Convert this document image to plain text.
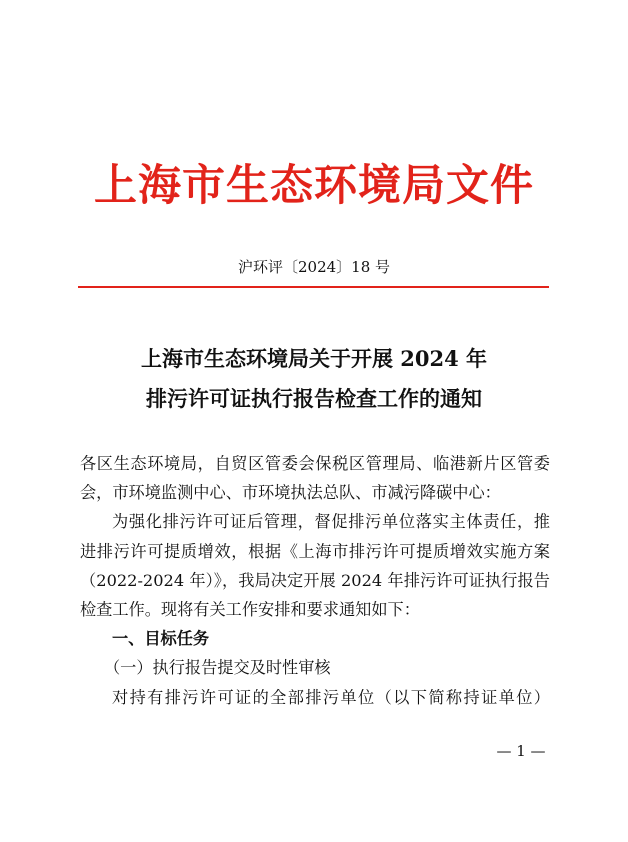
上海市生态环境局文件
沪环评〔2024〕18 号
上海市生态环境局关于开展 2024 年
排污许可证执行报告检查工作的通知
各区生态环境局，自贸区管委会保税区管理局、临港新片区管委
会，市环境监测中心、市环境执法总队、市减污降碳中心：
为强化排污许可证后管理，督促排污单位落实主体责任，推
进排污许可提质增效，根据《上海市排污许可提质增效实施方案
（2022-2024 年）》，我局决定开展 2024 年排污许可证执行报告
检查工作。现将有关工作安排和要求通知如下：
一、目标任务
（一）执行报告提交及时性审核
对持有排污许可证的全部排污单位（以下简称持证单位）
— 1 —
